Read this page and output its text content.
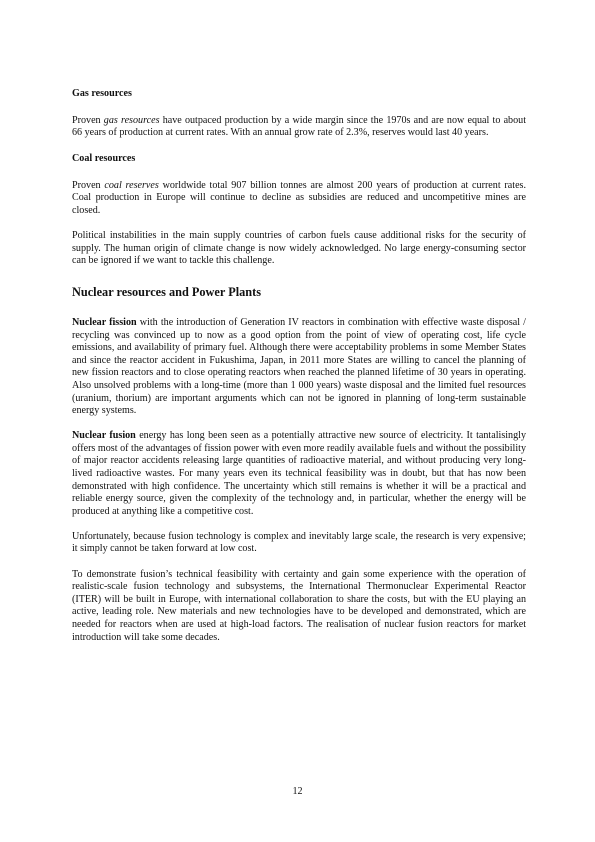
Gas resources

Proven gas resources have outpaced production by a wide margin since the 1970s and are now equal to about 66 years of production at current rates. With an annual grow rate of 2.3%, reserves would last 40 years.

Coal resources

Proven coal reserves worldwide total 907 billion tonnes are almost 200 years of production at current rates. Coal production in Europe will continue to decline as subsidies are reduced and uncompetitive mines are closed.

Political instabilities in the main supply countries of carbon fuels cause additional risks for the security of supply. The human origin of climate change is now widely acknowledged. No large energy-consuming sector can be ignored if we want to tackle this challenge.

Nuclear resources and Power Plants

Nuclear fission with the introduction of Generation IV reactors in combination with effective waste disposal / recycling was convinced up to now as a good option from the point of view of operating cost, life cycle emissions, and availability of primary fuel. Although there were acceptability problems in some Member States and since the reactor accident in Fukushima, Japan, in 2011 more States are willing to cancel the planning of new fission reactors and to close operating reactors when reached the planned lifetime of 30 years in operating. Also unsolved problems with a long-time (more than 1 000 years) waste disposal and the limited fuel resources (uranium, thorium) are important arguments which can not be ignored in planning of long-term sustainable energy systems.

Nuclear fusion energy has long been seen as a potentially attractive new source of electricity. It tantalisingly offers most of the advantages of fission power with even more readily available fuels and without the possibility of major reactor accidents releasing large quantities of radioactive material, and without producing very long-lived radioactive wastes. For many years even its technical feasibility was in doubt, but that has now been demonstrated with high confidence. The uncertainty which still remains is whether it will be a practical and reliable energy source, given the complexity of the technology and, in particular, whether the energy will be produced at anything like a competitive cost.

Unfortunately, because fusion technology is complex and inevitably large scale, the research is very expensive; it simply cannot be taken forward at low cost.

To demonstrate fusion’s technical feasibility with certainty and gain some experience with the operation of realistic-scale fusion technology and subsystems, the International Thermonuclear Experimental Reactor (ITER) will be built in Europe, with international collaboration to share the costs, but with the EU playing an active, leading role. New materials and new technologies have to be developed and demonstrated, which are needed for reactors when are used at high-load factors. The realisation of nuclear fusion reactors for market introduction will take some decades.

12
